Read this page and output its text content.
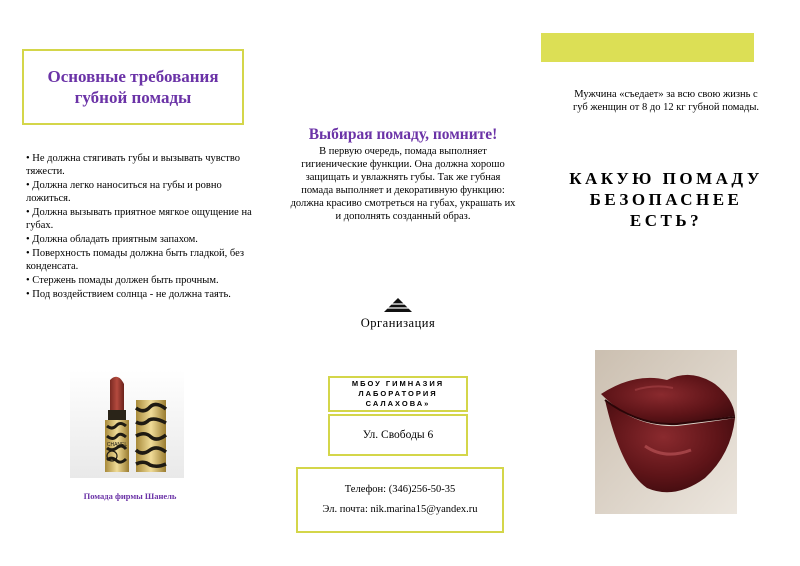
Основные требования губной помады
• Не должна стягивать губы и вызывать чувство тяжести.
• Должна легко наноситься на губы и ровно ложиться.
• Должна вызывать приятное мягкое ощущение на губах.
• Должна обладать приятным запахом.
• Поверхность помады должна быть гладкой, без конденсата.
• Стержень помады должен быть прочным.
• Под воздействием солнца - не должна таять.
CHANEL
Помада фирмы Шанель
Выбирая помаду, помните!
В первую очередь, помада выполняет гигиенические функции. Она должна хорошо защищать и увлажнять губы. Так же губная помада выполняет и декоративную функцию: должна красиво смотреться на губах, украшать их и дополнять созданный образ.
Организация
МБОУ ГИМНАЗИЯ ЛАБОРАТОРИЯ САЛАХОВА»
Ул. Свободы 6
Телефон: (346)256-50-35
Эл. почта: nik.marina15@yandex.ru
Мужчина «съедает» за всю свою жизнь с губ женщин от 8 до 12 кг губной помады.
КАКУЮ ПОМАДУ БЕЗОПАСНЕЕ ЕСТЬ?
